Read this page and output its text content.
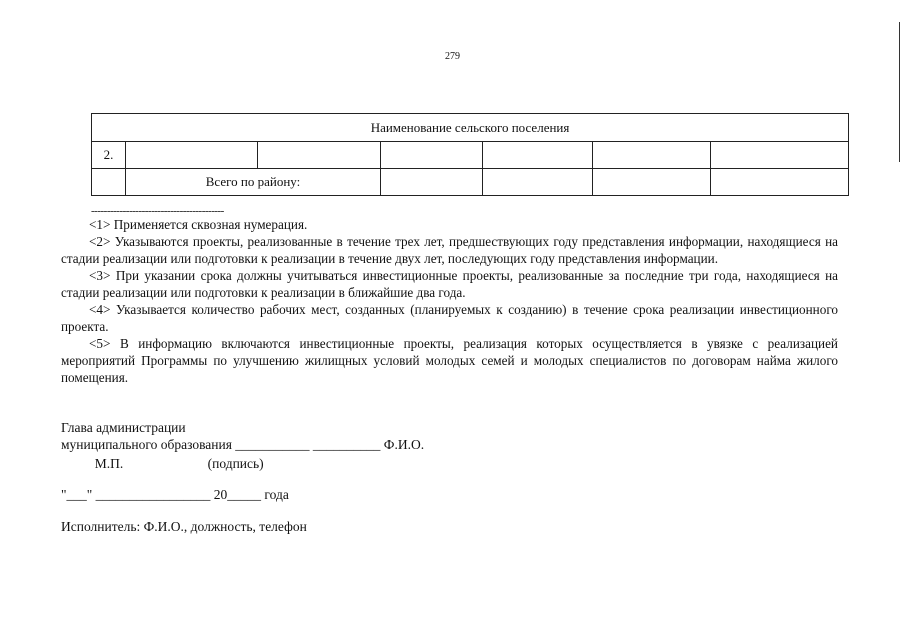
279
Наименование сельского поселения						
2.						
	Всего по району:					
------------------------------------------

<1> Применяется сквозная нумерация.

<2> Указываются проекты, реализованные в течение трех лет, предшествующих году представления информации, находящиеся на стадии реализации или подготовки к реализации в течение двух лет, последующих году представления информации.

<3> При указании срока должны учитываться инвестиционные проекты, реализованные за последние три года, находящиеся на стадии реализации или подготовки к реализации в ближайшие два года.

<4> Указывается количество рабочих мест, созданных (планируемых к созданию) в течение срока реализации инвестиционного проекта.

<5> В информацию включаются инвестиционные проекты, реализация которых осуществляется в увязке с реализацией мероприятий Программы по улучшению жилищных условий молодых семей и молодых специалистов по договорам найма жилого помещения.

Глава администрации
муниципального образования ___________ __________ Ф.И.О.
М.П.                         (подпись)
"___" _________________ 20_____ года
Исполнитель: Ф.И.О., должность, телефон
